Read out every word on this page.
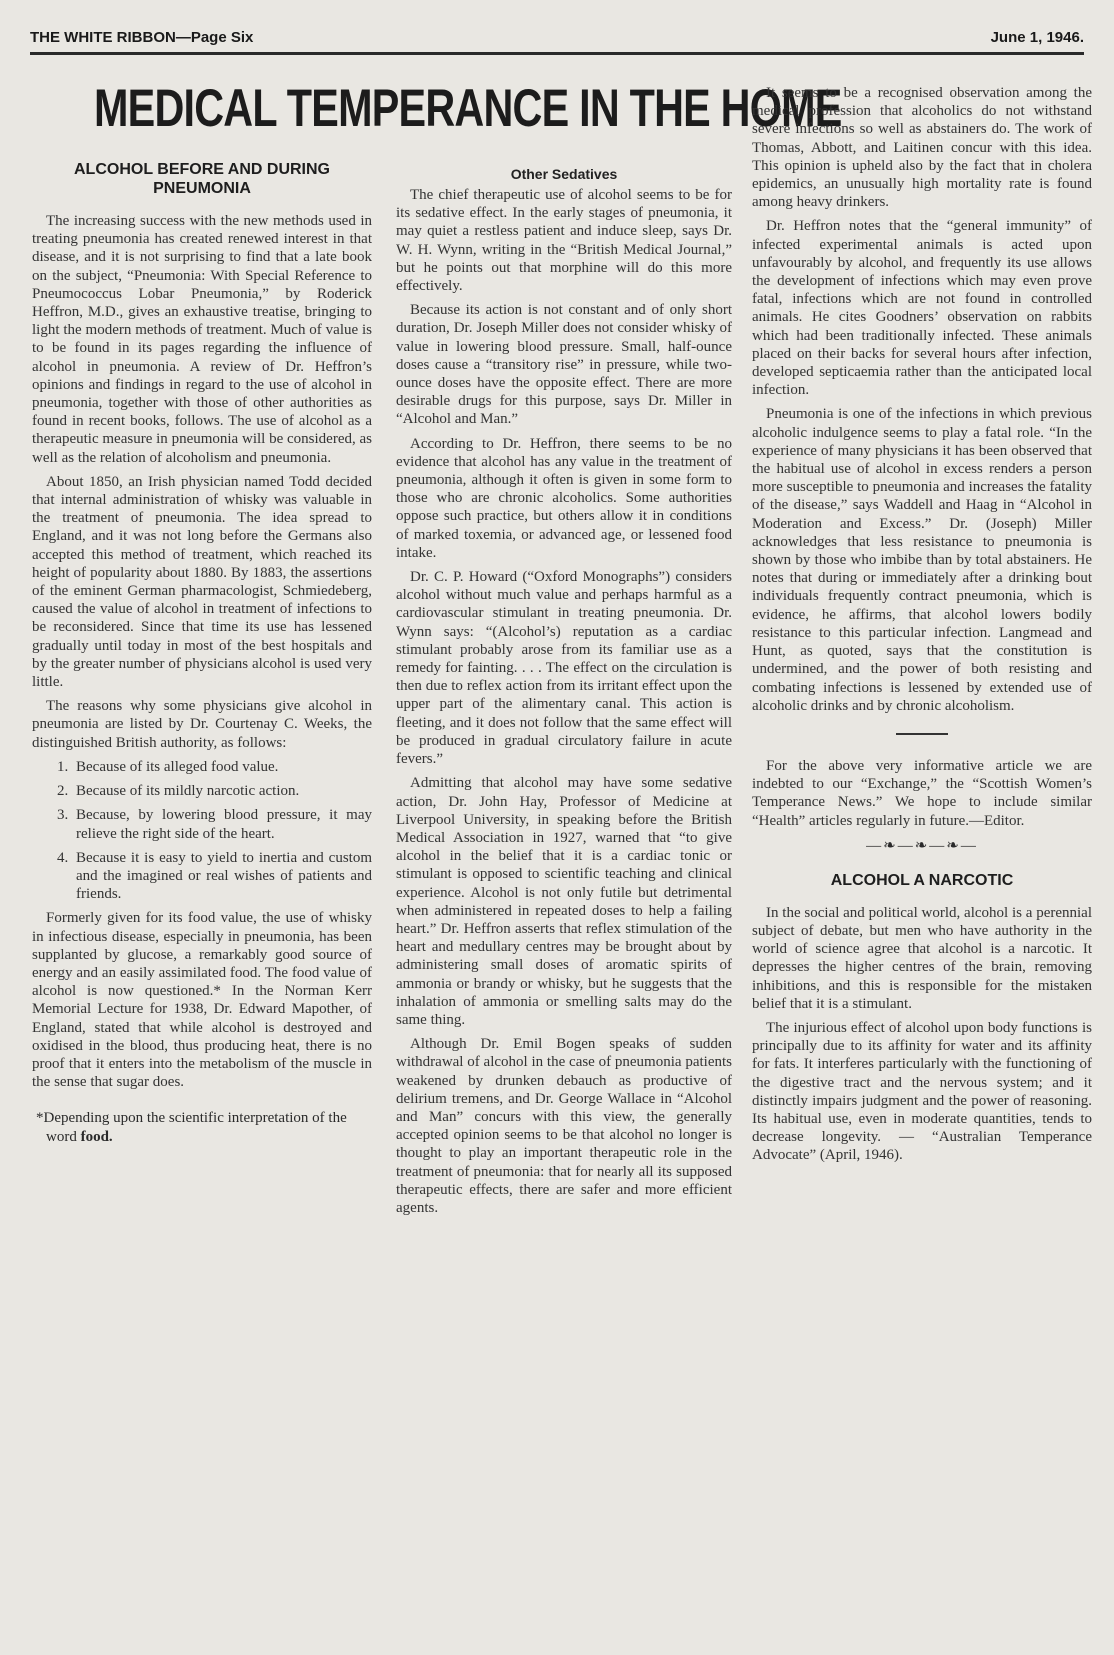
THE WHITE RIBBON—Page Six	June 1, 1946.
MEDICAL TEMPERANCE IN THE HOME
ALCOHOL BEFORE AND DURING PNEUMONIA

The increasing success with the new methods used in treating pneumonia has created renewed interest in that disease, and it is not surprising to find that a late book on the subject, “Pneumonia: With Special Reference to Pneumococcus Lobar Pneumonia,” by Roderick Heffron, M.D., gives an exhaustive treatise, bringing to light the modern methods of treatment. Much of value is to be found in its pages regarding the influence of alcohol in pneumonia. A review of Dr. Heffron’s opinions and findings in regard to the use of alcohol in pneumonia, together with those of other authorities as found in recent books, follows. The use of alcohol as a therapeutic measure in pneumonia will be considered, as well as the relation of alcoholism and pneumonia.

About 1850, an Irish physician named Todd decided that internal administration of whisky was valuable in the treatment of pneumonia. The idea spread to England, and it was not long before the Germans also accepted this method of treatment, which reached its height of popularity about 1880. By 1883, the assertions of the eminent German pharmacologist, Schmiedeberg, caused the value of alcohol in treatment of infections to be reconsidered. Since that time its use has lessened gradually until today in most of the best hospitals and by the greater number of physicians alcohol is used very little.

The reasons why some physicians give alcohol in pneumonia are listed by Dr. Courtenay C. Weeks, the distinguished British authority, as follows:

1. Because of its alleged food value.
2. Because of its mildly narcotic action.
3. Because, by lowering blood pressure, it may relieve the right side of the heart.
4. Because it is easy to yield to inertia and custom and the imagined or real wishes of patients and friends.

Formerly given for its food value, the use of whisky in infectious disease, especially in pneumonia, has been supplanted by glucose, a remarkably good source of energy and an easily assimilated food. The food value of alcohol is now questioned.* In the Norman Kerr Memorial Lecture for 1938, Dr. Edward Mapother, of England, stated that while alcohol is destroyed and oxidised in the blood, thus producing heat, there is no proof that it enters into the metabolism of the muscle in the sense that sugar does.

*Depending upon the scientific interpretation of the word food.
Other Sedatives

The chief therapeutic use of alcohol seems to be for its sedative effect. In the early stages of pneumonia, it may quiet a restless patient and induce sleep, says Dr. W. H. Wynn, writing in the “British Medical Journal,” but he points out that morphine will do this more effectively.

Because its action is not constant and of only short duration, Dr. Joseph Miller does not consider whisky of value in lowering blood pressure. Small, half-ounce doses cause a “transitory rise” in pressure, while two-ounce doses have the opposite effect. There are more desirable drugs for this purpose, says Dr. Miller in “Alcohol and Man.”

According to Dr. Heffron, there seems to be no evidence that alcohol has any value in the treatment of pneumonia, although it often is given in some form to those who are chronic alcoholics. Some authorities oppose such practice, but others allow it in conditions of marked toxemia, or advanced age, or lessened food intake.

Dr. C. P. Howard (“Oxford Monographs”) considers alcohol without much value and perhaps harmful as a cardiovascular stimulant in treating pneumonia. Dr. Wynn says: “(Alcohol’s) reputation as a cardiac stimulant probably arose from its familiar use as a remedy for fainting. . . . The effect on the circulation is then due to reflex action from its irritant effect upon the upper part of the alimentary canal. This action is fleeting, and it does not follow that the same effect will be produced in gradual circulatory failure in acute fevers.”

Admitting that alcohol may have some sedative action, Dr. John Hay, Professor of Medicine at Liverpool University, in speaking before the British Medical Association in 1927, warned that “to give alcohol in the belief that it is a cardiac tonic or stimulant is opposed to scientific teaching and clinical experience. Alcohol is not only futile but detrimental when administered in repeated doses to help a failing heart.” Dr. Heffron asserts that reflex stimulation of the heart and medullary centres may be brought about by administering small doses of aromatic spirits of ammonia or brandy or whisky, but he suggests that the inhalation of ammonia or smelling salts may do the same thing.

Although Dr. Emil Bogen speaks of sudden withdrawal of alcohol in the case of pneumonia patients weakened by drunken debauch as productive of delirium tremens, and Dr. George Wallace in “Alcohol and Man” concurs with this view, the generally accepted opinion seems to be that alcohol no longer is thought to play an important therapeutic role in the treatment of pneumonia: that for nearly all its supposed therapeutic effects, there are safer and more efficient agents.

It seems to be a recognised observation among the medical profession that alcoholics do not withstand severe infections so well as abstainers do. The work of Thomas, Abbott, and Laitinen concur with this idea. This opinion is upheld also by the fact that in cholera epidemics, an unusually high mortality rate is found among heavy drinkers.

Dr. Heffron notes that the “general immunity” of infected experimental animals is acted upon unfavourably by alcohol, and frequently its use allows the development of infections which may even prove fatal, infections which are not found in controlled animals. He cites Goodners’ observation on rabbits which had been traditionally infected. These animals placed on their backs for several hours after infection, developed septicaemia rather than the anticipated local infection.

Pneumonia is one of the infections in which previous alcoholic indulgence seems to play a fatal role. “In the experience of many physicians it has been observed that the habitual use of alcohol in excess renders a person more susceptible to pneumonia and increases the fatality of the disease,” says Waddell and Haag in “Alcohol in Moderation and Excess.” Dr. (Joseph) Miller acknowledges that less resistance to pneumonia is shown by those who imbibe than by total abstainers. He notes that during or immediately after a drinking bout individuals frequently contract pneumonia, which is evidence, he affirms, that alcohol lowers bodily resistance to this particular infection. Langmead and Hunt, as quoted, says that the constitution is undermined, and the power of both resisting and combating infections is lessened by extended use of alcoholic drinks and by chronic alcoholism.

For the above very informative article we are indebted to our “Exchange,” the “Scottish Women’s Temperance News.” We hope to include similar “Health” articles regularly in future.—Editor.

—❧—❧—❧—
ALCOHOL A NARCOTIC

In the social and political world, alcohol is a perennial subject of debate, but men who have authority in the world of science agree that alcohol is a narcotic. It depresses the higher centres of the brain, removing inhibitions, and this is responsible for the mistaken belief that it is a stimulant.

The injurious effect of alcohol upon body functions is principally due to its affinity for water and its affinity for fats. It interferes particularly with the functioning of the digestive tract and the nervous system; and it distinctly impairs judgment and the power of reasoning. Its habitual use, even in moderate quantities, tends to decrease longevity. — “Australian Temperance Advocate” (April, 1946).
